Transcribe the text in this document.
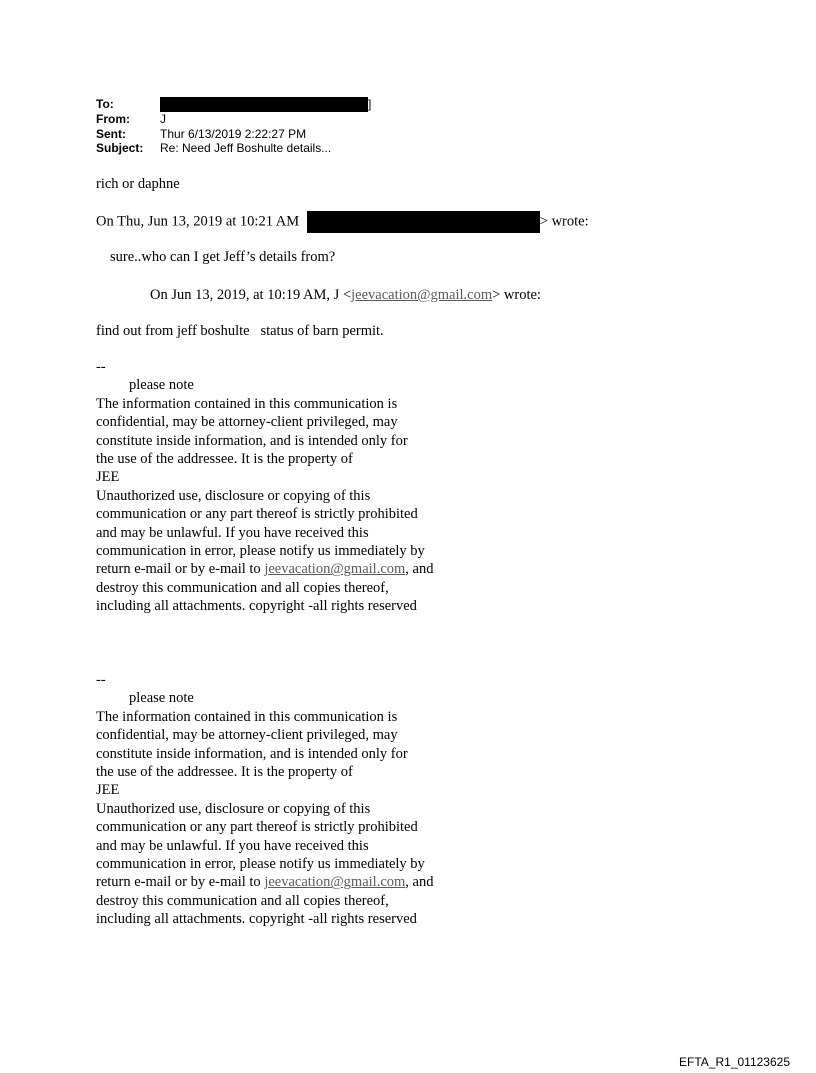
To:	]
From:	J
Sent:	Thur 6/13/2019 2:22:27 PM
Subject:	Re: Need Jeff Boshulte details...
rich or daphne
On Thu, Jun 13, 2019 at 10:21 AM	> wrote:
sure..who can I get Jeff’s details from?
On Jun 13, 2019, at 10:19 AM, J <jeevacation@gmail.com> wrote:
find out from jeff boshulte   status of barn permit.
--
please note
The information contained in this communication is
confidential, may be attorney-client privileged, may
constitute inside information, and is intended only for
the use of the addressee. It is the property of
JEE
Unauthorized use, disclosure or copying of this
communication or any part thereof is strictly prohibited
and may be unlawful. If you have received this
communication in error, please notify us immediately by
return e-mail or by e-mail to jeevacation@gmail.com, and
destroy this communication and all copies thereof,
including all attachments. copyright -all rights reserved
--
please note
The information contained in this communication is
confidential, may be attorney-client privileged, may
constitute inside information, and is intended only for
the use of the addressee. It is the property of
JEE
Unauthorized use, disclosure or copying of this
communication or any part thereof is strictly prohibited
and may be unlawful. If you have received this
communication in error, please notify us immediately by
return e-mail or by e-mail to jeevacation@gmail.com, and
destroy this communication and all copies thereof,
including all attachments. copyright -all rights reserved
EFTA_R1_01123625
